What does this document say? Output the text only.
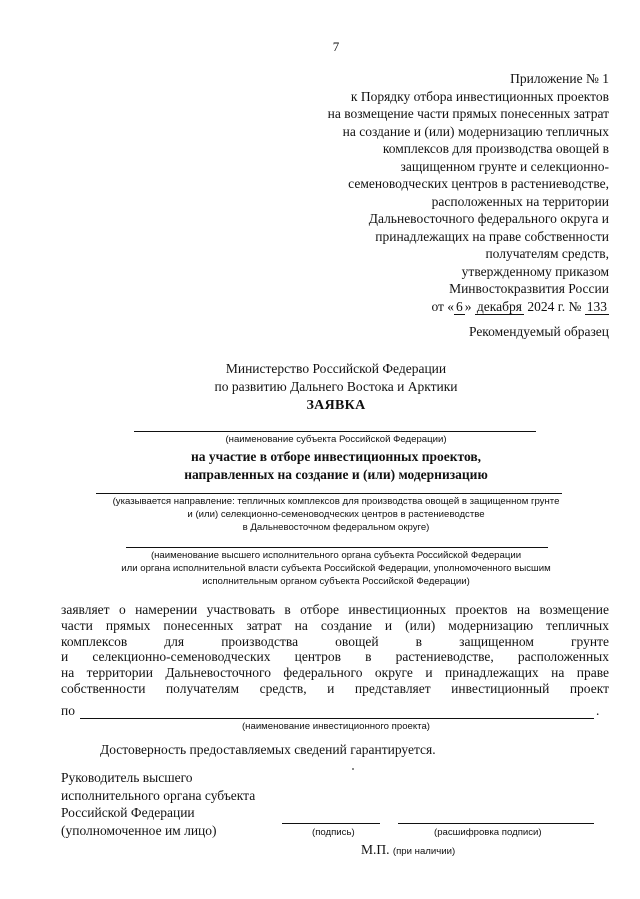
7
Приложение № 1
к Порядку отбора инвестиционных проектов
на возмещение части прямых понесенных затрат
на создание и (или) модернизацию тепличных
комплексов для производства овощей в
защищенном грунте и селекционно-
семеноводческих центров в растениеводстве,
расположенных на территории
Дальневосточного федерального округа и
принадлежащих на праве собственности
получателям средств,
утвержденному приказом
Минвостокразвития России
от « 6 » декабря 2024 г. № 133
Рекомендуемый образец
Министерство Российской Федерации
по развитию Дальнего Востока и Арктики
ЗАЯВКА
(наименование субъекта Российской Федерации)
на участие в отборе инвестиционных проектов,
направленных на создание и (или) модернизацию
(указывается направление: тепличных комплексов для производства овощей в защищенном грунте
и (или) селекционно-семеноводческих центров в растениеводстве
в Дальневосточном федеральном округе)
(наименование высшего исполнительного органа субъекта Российской Федерации
или органа исполнительной власти субъекта Российской Федерации, уполномоченного высшим
исполнительным органом субъекта Российской Федерации)
заявляет о намерении участвовать в отборе инвестиционных проектов на возмещение
части прямых понесенных затрат на создание и (или) модернизацию тепличных
комплексов для производства овощей в защищенном грунте
и селекционно-семеноводческих центров в растениеводстве, расположенных
на территории Дальневосточного федерального округе и принадлежащих на праве
собственности получателям средств, и представляет инвестиционный проект
по	.
(наименование инвестиционного проекта)
Достоверность предоставляемых сведений гарантируется.
Руководитель высшего
исполнительного органа субъекта
Российской Федерации
(уполномоченное им лицо)	(подпись)	(расшифровка подписи)
М.П. (при наличии)
